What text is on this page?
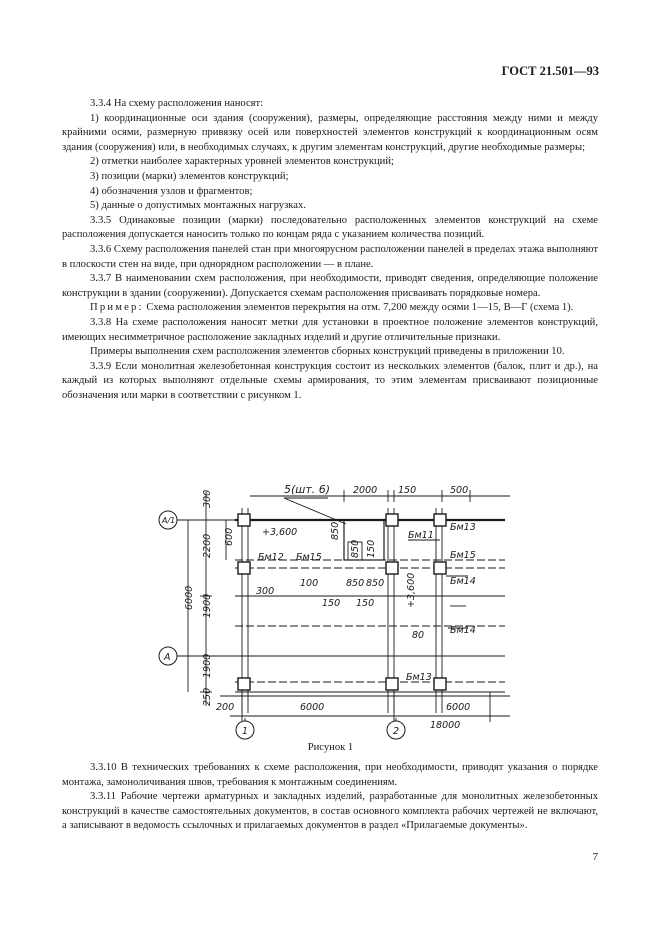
ГОСТ 21.501—93

3.3.4 На схему расположения наносят:

1) координационные оси здания (сооружения), размеры, определяющие расстояния между ними и между крайними осями, размерную привязку осей или поверхностей элементов конструкций к координационным осям здания (сооружения) или, в необходимых случаях, к другим элементам конструкций, другие необходимые размеры;

2) отметки наиболее характерных уровней элементов конструкций;

3) позиции (марки) элементов конструкций;

4) обозначения узлов и фрагментов;

5) данные о допустимых монтажных нагрузках.

3.3.5 Одинаковые позиции (марки) последовательно расположенных элементов конструкций на схеме расположения допускается наносить только по концам ряда с указанием количества позиций.

3.3.6 Схему расположения панелей стан при многоярусном расположении панелей в пределах этажа выполняют в плоскости стен на виде, при однорядном расположении — в плане.

3.3.7 В наименовании схем расположения, при необходимости, приводят сведения, определяющие положение конструкции в здании (сооружении). Допускается схемам расположения присваивать порядковые номера.

Пример: Схема расположения элементов перекрытия на отм. 7,200 между осями 1—15, В—Г (схема 1).

3.3.8 На схеме расположения наносят метки для установки в проектное положение элементов конструкций, имеющих несимметричное расположение закладных изделий и другие отличительные признаки.

Примеры выполнения схем расположения элементов сборных конструкций приведены в приложении 10.

3.3.9 Если монолитная железобетонная конструкция состоит из нескольких элементов (балок, плит и др.), на каждый из которых выполняют отдельные схемы армирования, то этим элементам присваивают позиционные обозначения или марки в соответствии с рисунком 1.

А/1
А
1	2
5(шт. 6) 2000 150	500
+3,600
Бм12 Бм15
Бм11
Бм13
Бм15
Бм14
Бм14
Бм13
100	850 850
150 150
300
80
200	6000	6000
18000
300
2200 600
1900
6000
1900
250
850
850 150
+3,600
Рисунок 1

3.3.10 В технических требованиях к схеме расположения, при необходимости, приводят указания о порядке монтажа, замоноличивания швов, требования к монтажным соединениям.

3.3.11 Рабочие чертежи арматурных и закладных изделий, разработанные для монолитных железобетонных конструкций в качестве самостоятельных документов, в состав основного комплекта рабочих чертежей не включают, а записывают в ведомость ссылочных и прилагаемых документов в раздел «Прилагаемые документы».

7
